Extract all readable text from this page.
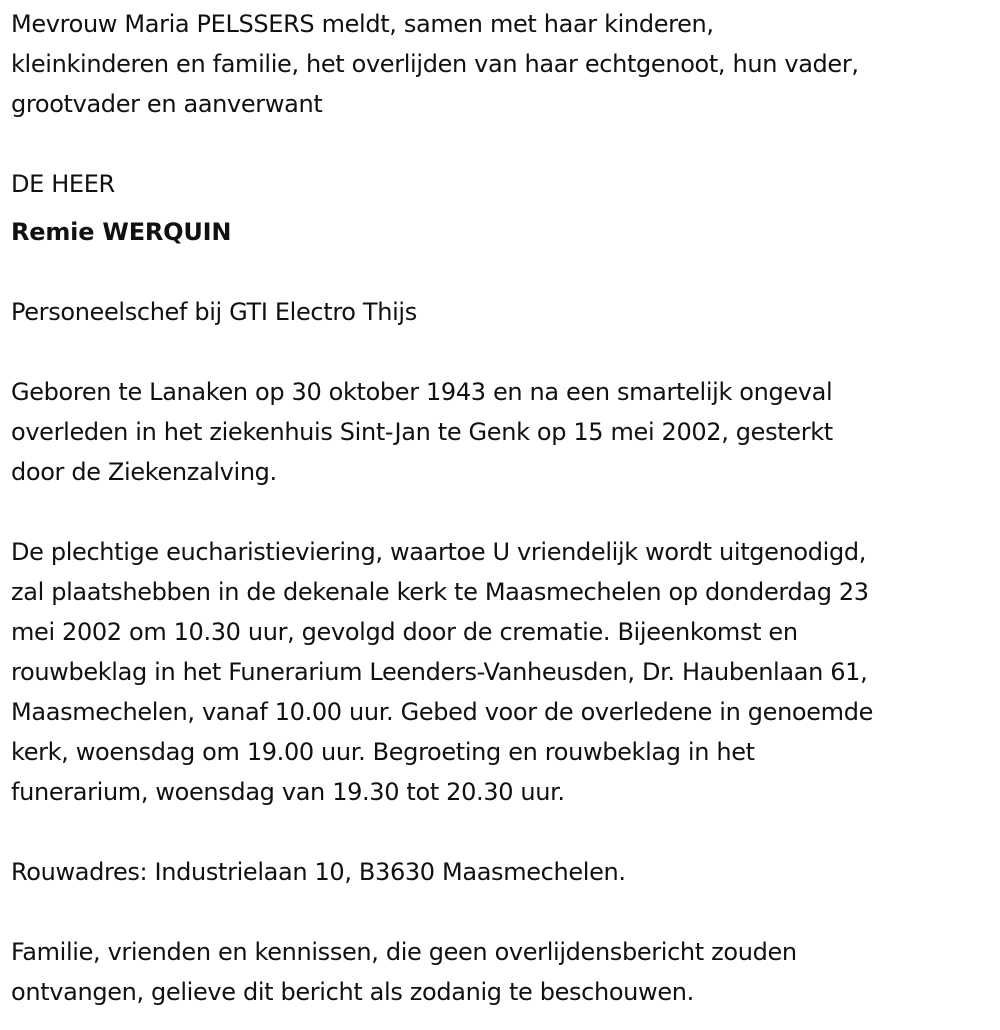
Mevrouw Maria PELSSERS meldt, samen met haar kinderen,
kleinkinderen en familie, het overlijden van haar echtgenoot, hun vader,
grootvader en aanverwant

DE HEER

Remie WERQUIN

Personeelschef bij GTI Electro Thijs

Geboren te Lanaken op 30 oktober 1943 en na een smartelijk ongeval
overleden in het ziekenhuis Sint-Jan te Genk op 15 mei 2002, gesterkt
door de Ziekenzalving.

De plechtige eucharistieviering, waartoe U vriendelijk wordt uitgenodigd,
zal plaatshebben in de dekenale kerk te Maasmechelen op donderdag 23
mei 2002 om 10.30 uur, gevolgd door de crematie. Bijeenkomst en
rouwbeklag in het Funerarium Leenders-Vanheusden, Dr. Haubenlaan 61,
Maasmechelen, vanaf 10.00 uur. Gebed voor de overledene in genoemde
kerk, woensdag om 19.00 uur. Begroeting en rouwbeklag in het
funerarium, woensdag van 19.30 tot 20.30 uur.

Rouwadres: Industrielaan 10, B3630 Maasmechelen.

Familie, vrienden en kennissen, die geen overlijdensbericht zouden
ontvangen, gelieve dit bericht als zodanig te beschouwen.
